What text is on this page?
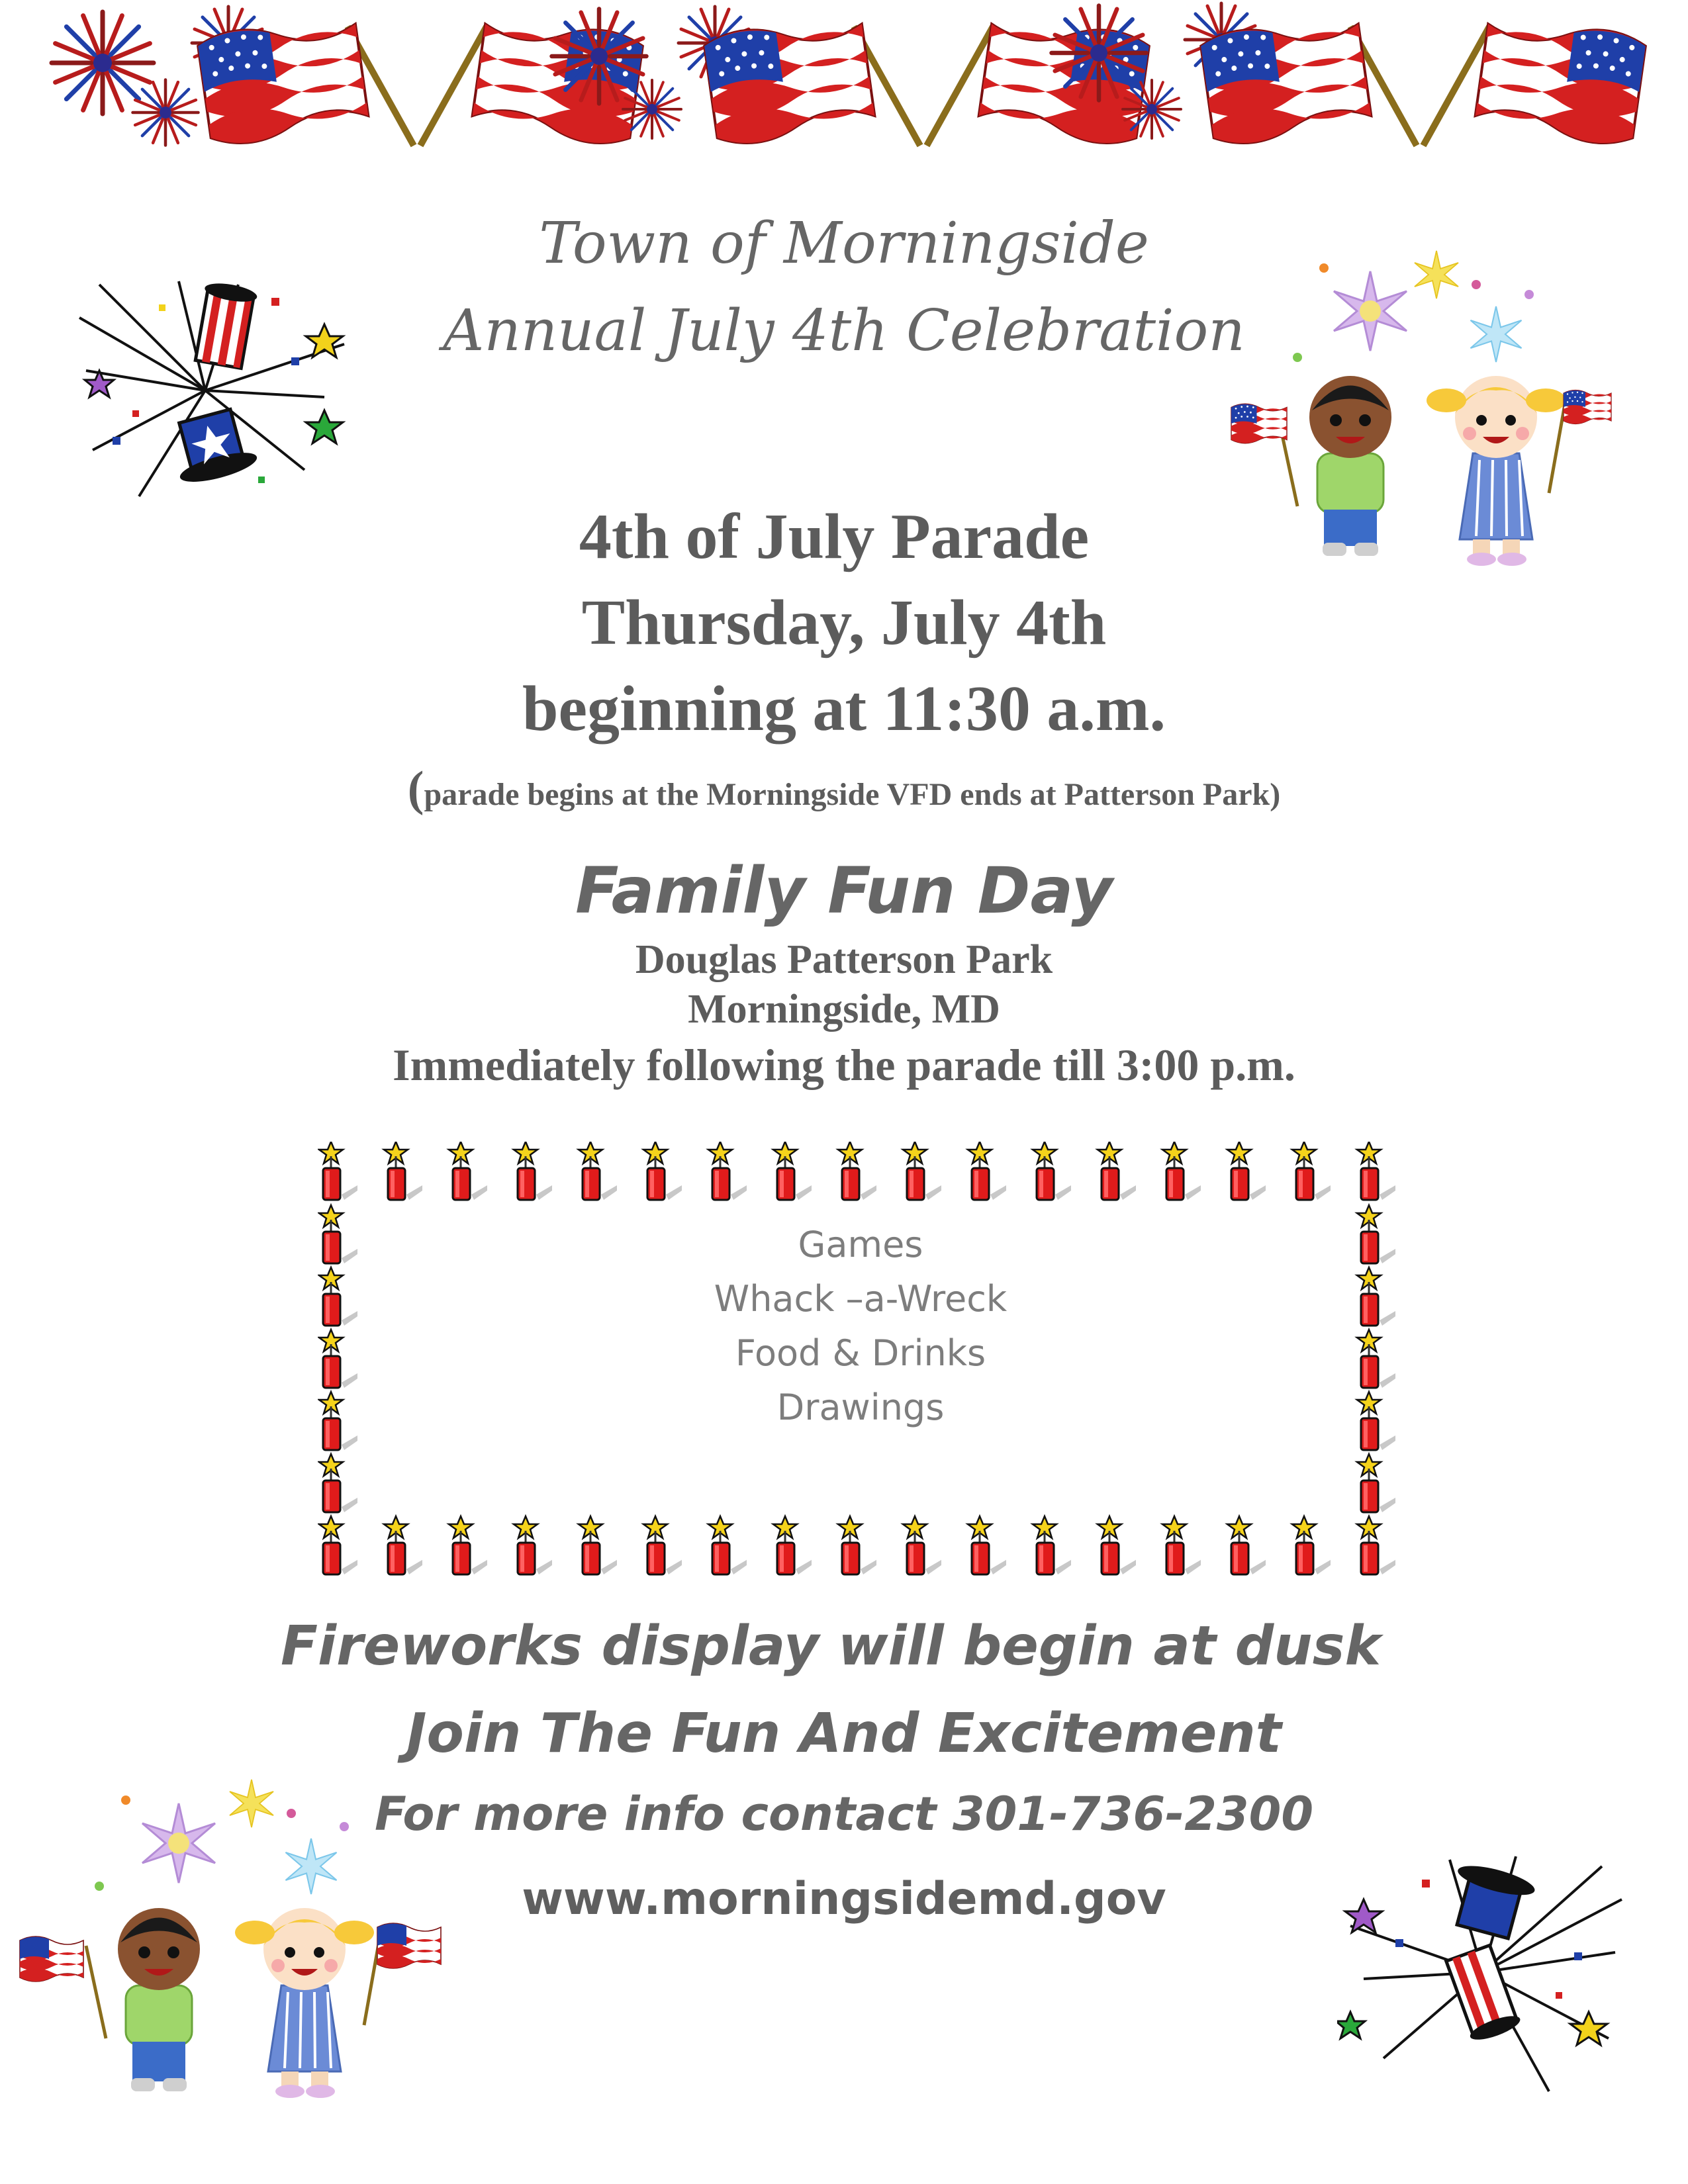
Town of Morningside
Annual July 4th Celebration
4th of July Parade
Thursday, July 4th
beginning at 11:30 a.m.
(parade begins at the Morningside VFD ends at Patterson Park)
Family Fun Day
Douglas Patterson Park
Morningside, MD
Immediately following the parade till 3:00 p.m.
Games
Whack –a-Wreck
Food & Drinks
Drawings
Fireworks display will begin at dusk
Join The Fun And Excitement
For more info contact 301-736-2300
www.morningsidemd.gov
